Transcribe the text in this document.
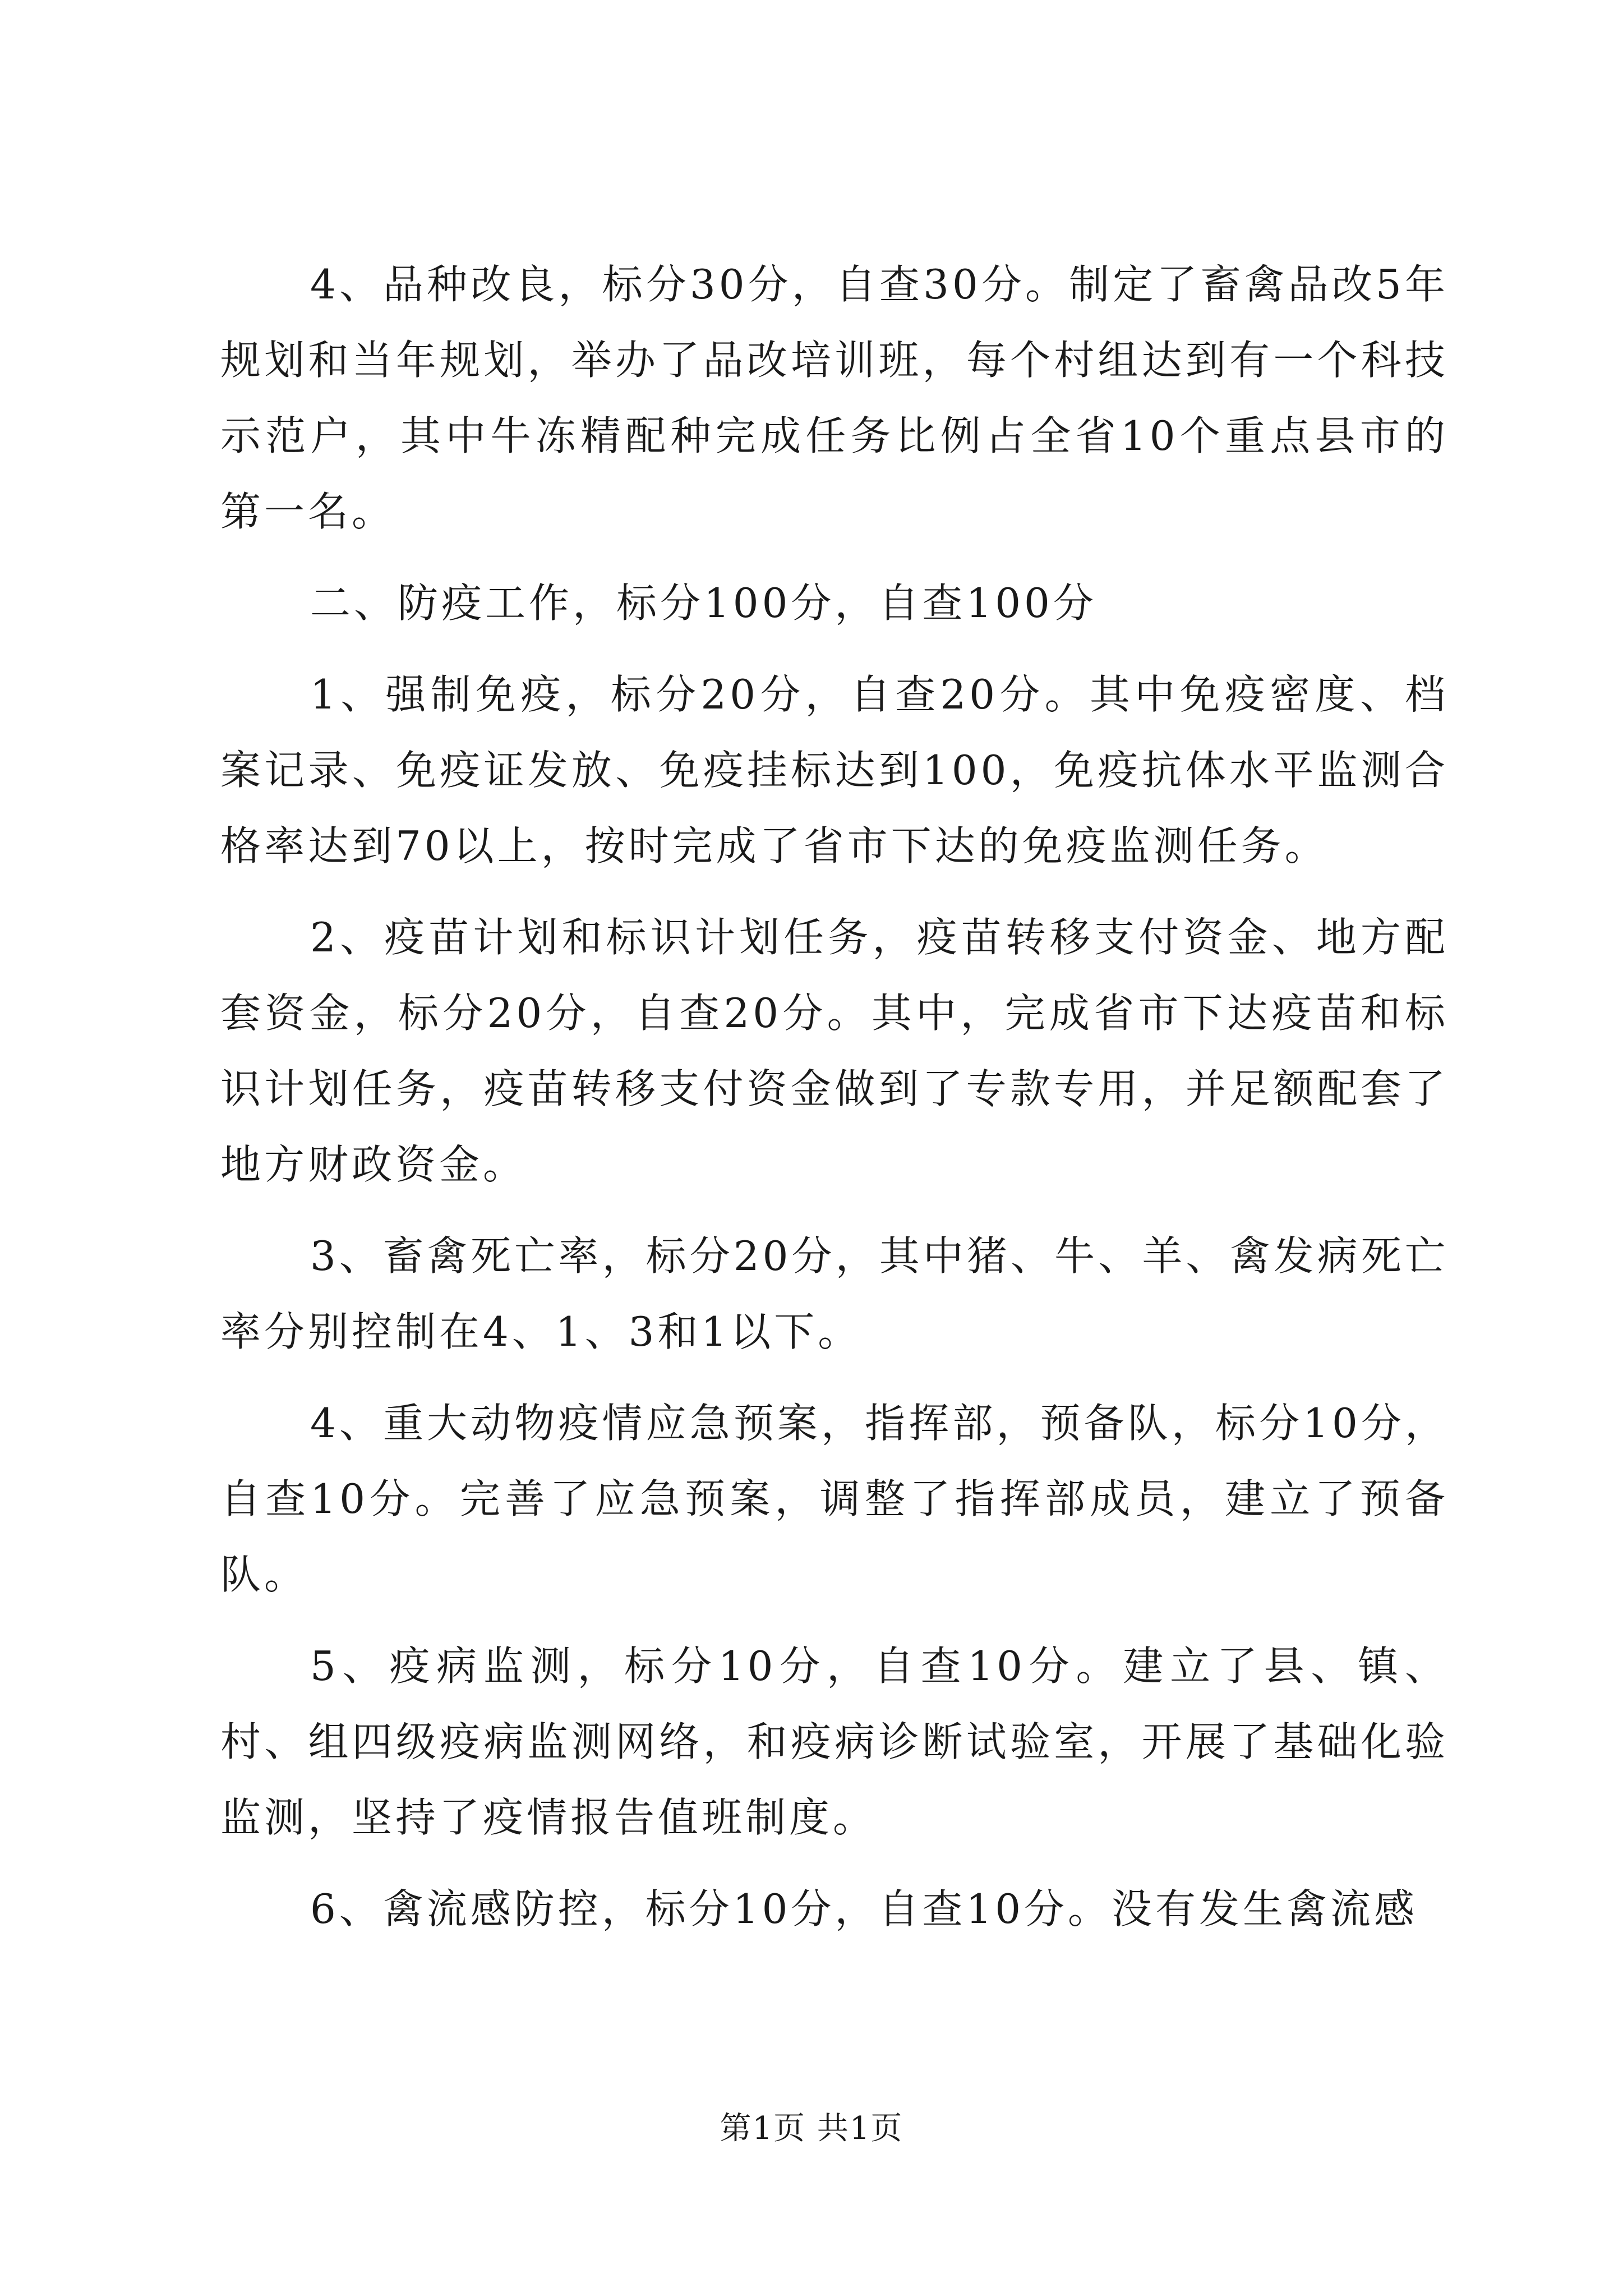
4、品种改良，标分30分，自查30分。制定了畜禽品改5年规划和当年规划，举办了品改培训班，每个村组达到有一个科技示范户，其中牛冻精配种完成任务比例占全省10个重点县市的第一名。

二、防疫工作，标分100分，自查100分

1、强制免疫，标分20分，自查20分。其中免疫密度、档案记录、免疫证发放、免疫挂标达到100，免疫抗体水平监测合格率达到70以上，按时完成了省市下达的免疫监测任务。

2、疫苗计划和标识计划任务，疫苗转移支付资金、地方配套资金，标分20分，自查20分。其中，完成省市下达疫苗和标识计划任务，疫苗转移支付资金做到了专款专用，并足额配套了地方财政资金。

3、畜禽死亡率，标分20分，其中猪、牛、羊、禽发病死亡率分别控制在4、1、3和1以下。

4、重大动物疫情应急预案，指挥部，预备队，标分10分，自查10分。完善了应急预案，调整了指挥部成员，建立了预备队。

5、疫病监测，标分10分，自查10分。建立了县、镇、村、组四级疫病监测网络，和疫病诊断试验室，开展了基础化验监测，坚持了疫情报告值班制度。

6、禽流感防控，标分10分，自查10分。没有发生禽流感

第1页 共1页
